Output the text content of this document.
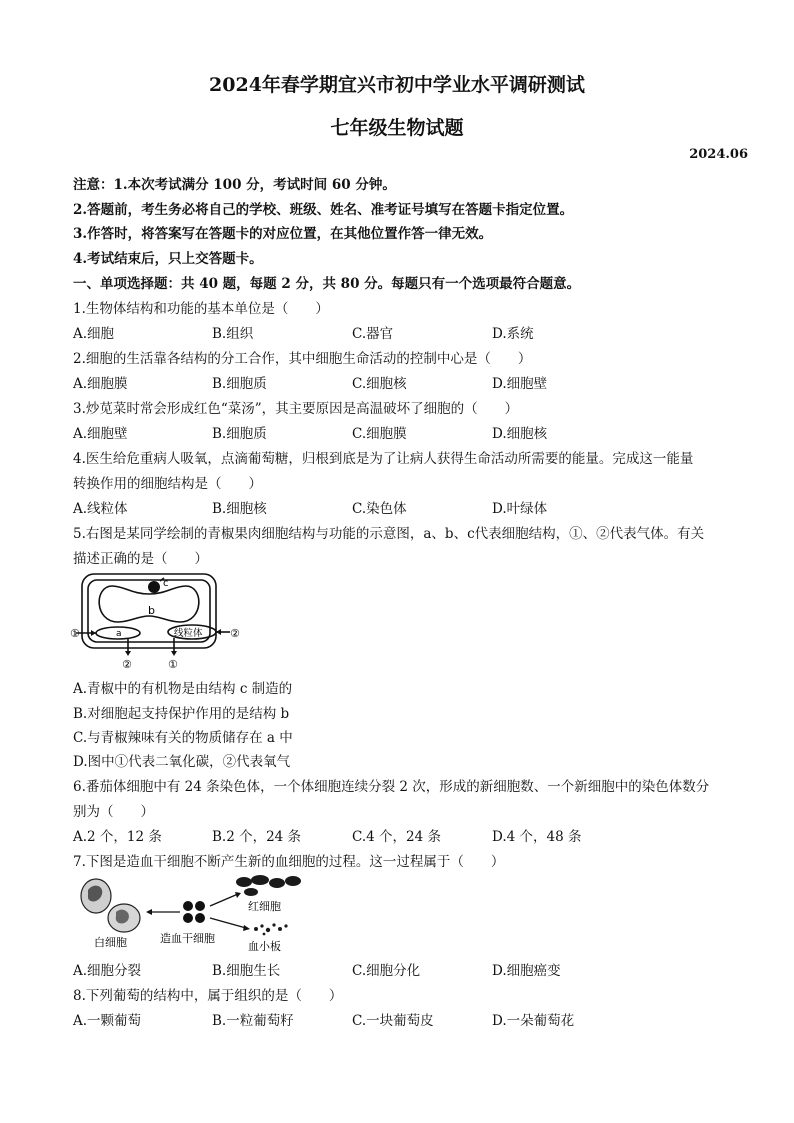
2024年春学期宜兴市初中学业水平调研测试
七年级生物试题
2024.06
注意：1.本次考试满分 100 分，考试时间 60 分钟。
2.答题前，考生务必将自己的学校、班级、姓名、准考证号填写在答题卡指定位置。
3.作答时，将答案写在答题卡的对应位置，在其他位置作答一律无效。
4.考试结束后，只上交答题卡。
一、单项选择题：共 40 题，每题 2 分，共 80 分。每题只有一个选项最符合题意。
1.生物体结构和功能的基本单位是（　　）
A.细胞	B.组织	C.器官	D.系统
2.细胞的生活靠各结构的分工合作，其中细胞生命活动的控制中心是（　　）
A.细胞膜	B.细胞质	C.细胞核	D.细胞壁
3.炒苋菜时常会形成红色“菜汤”，其主要原因是高温破坏了细胞的（　　）
A.细胞壁	B.细胞质	C.细胞膜	D.细胞核
4.医生给危重病人吸氧，点滴葡萄糖，归根到底是为了让病人获得生命活动所需要的能量。完成这一能量
转换作用的细胞结构是（　　）
A.线粒体	B.细胞核	C.染色体	D.叶绿体
5.右图是某同学绘制的青椒果肉细胞结构与功能的示意图，a、b、c代表细胞结构，①、②代表气体。有关
描述正确的是（　　）
c
b
a	线粒体
①	②
②	①
A.青椒中的有机物是由结构 c 制造的
B.对细胞起支持保护作用的是结构 b
C.与青椒辣味有关的物质储存在 a 中
D.图中①代表二氧化碳，②代表氧气
6.番茄体细胞中有 24 条染色体，一个体细胞连续分裂 2 次，形成的新细胞数、一个新细胞中的染色体数分
别为（　　）
A.2 个，12 条	B.2 个，24 条	C.4 个，24 条	D.4 个，48 条
7.下图是造血干细胞不断产生新的血细胞的过程。这一过程属于（　　）
白细胞	造血干细胞
红细胞
血小板
A.细胞分裂	B.细胞生长	C.细胞分化	D.细胞癌变
8.下列葡萄的结构中，属于组织的是（　　）
A.一颗葡萄	B.一粒葡萄籽	C.一块葡萄皮	D.一朵葡萄花
